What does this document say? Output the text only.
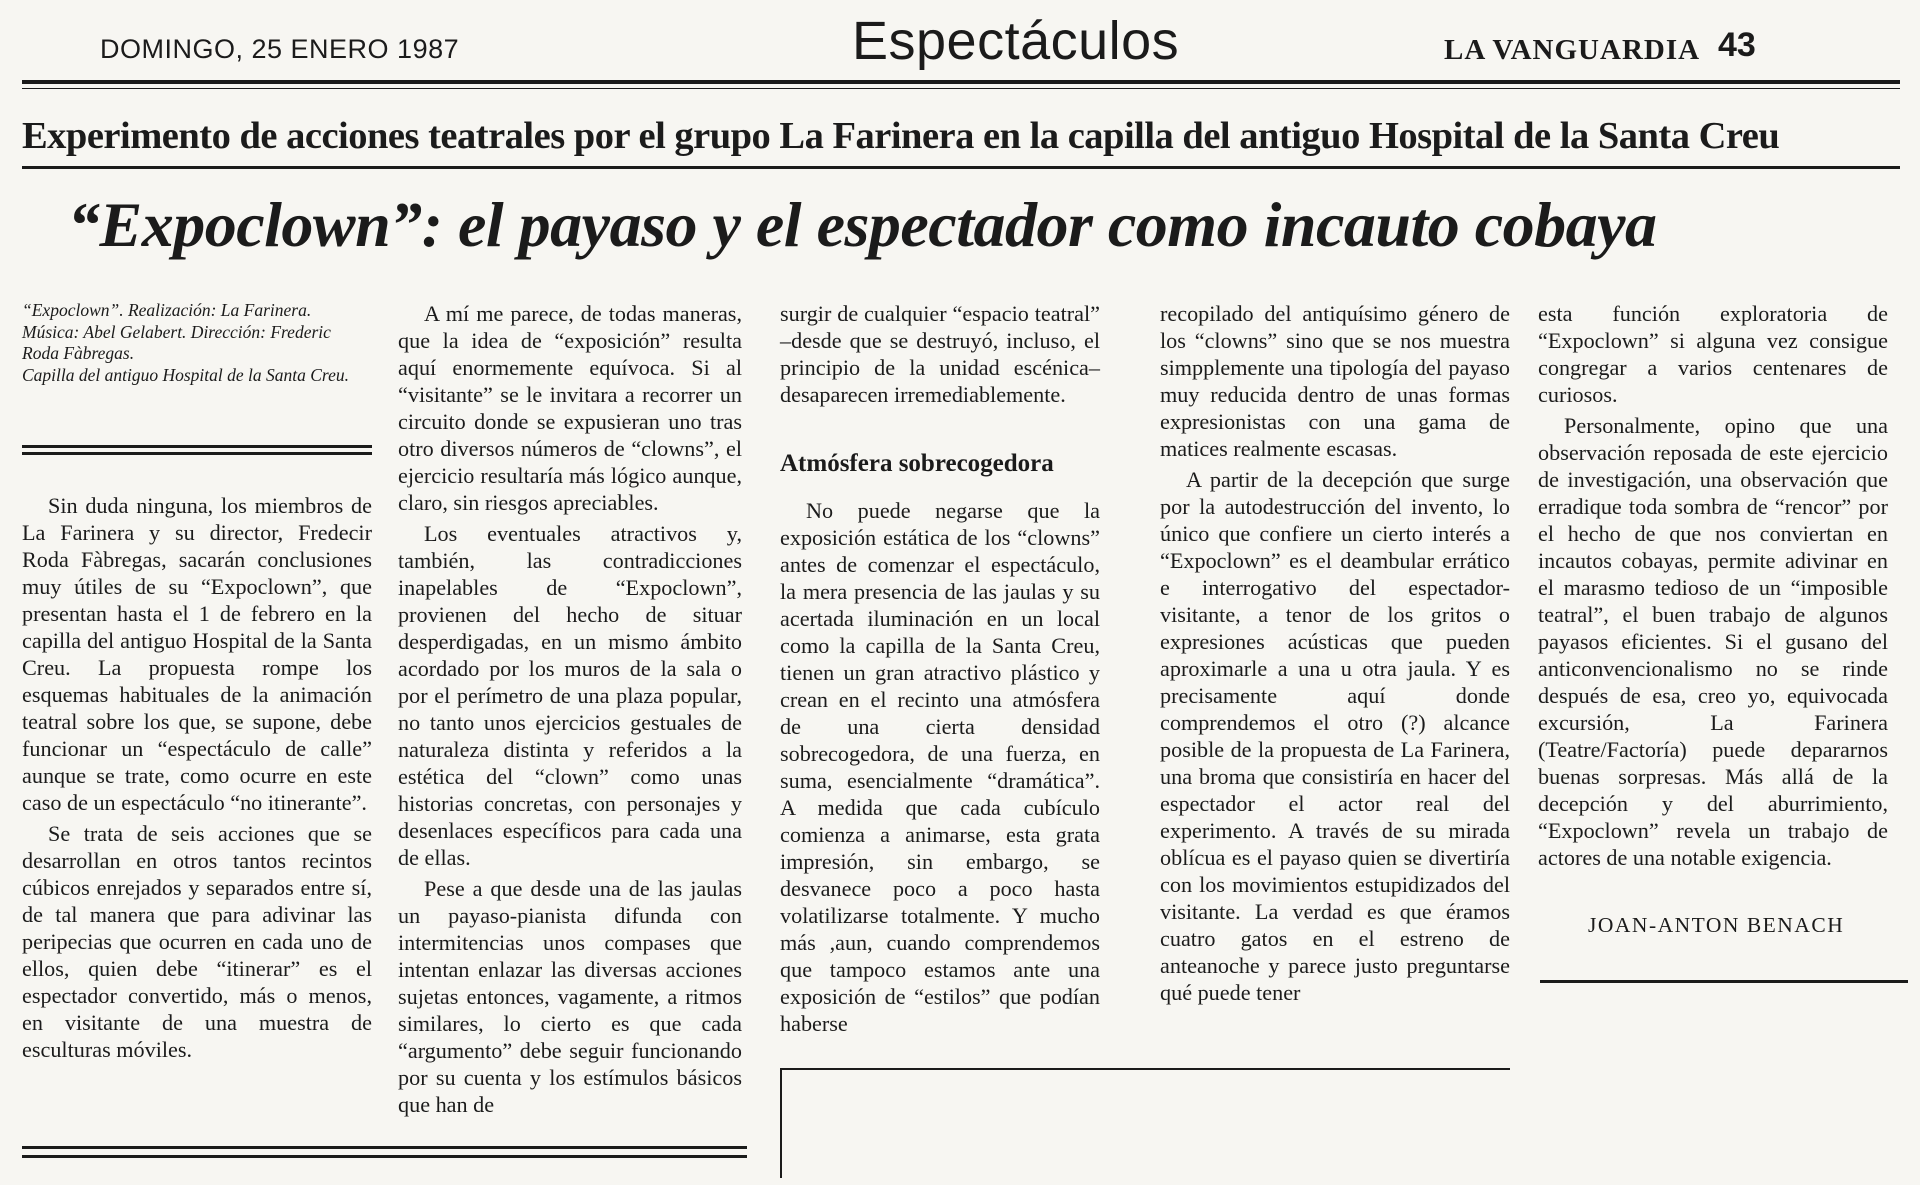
DOMINGO, 25 ENERO 1987	Espectáculos	LA VANGUARDIA 43
Experimento de acciones teatrales por el grupo La Farinera en la capilla del antiguo Hospital de la Santa Creu
“Expoclown”: el payaso y el espectador como incauto cobaya
“Expoclown”. Realización: La Farinera.
Música: Abel Gelabert. Dirección: Frederic Roda Fàbregas.
Capilla del antiguo Hospital de la Santa Creu.

Sin duda ninguna, los miembros de La Farinera y su director, Fredecir Roda Fàbregas, sacarán conclusiones muy útiles de su “Expoclown”, que presentan hasta el 1 de febrero en la capilla del antiguo Hospital de la Santa Creu. La propuesta rompe los esquemas habituales de la animación teatral sobre los que, se supone, debe funcionar un “espectáculo de calle” aunque se trate, como ocurre en este caso de un espectáculo “no itinerante”.

Se trata de seis acciones que se desarrollan en otros tantos recintos cúbicos enrejados y separados entre sí, de tal manera que para adivinar las peripecias que ocurren en cada uno de ellos, quien debe “itinerar” es el espectador convertido, más o menos, en visitante de una muestra de esculturas móviles.

A mí me parece, de todas maneras, que la idea de “exposición” resulta aquí enormemente equívoca. Si al “visitante” se le invitara a recorrer un circuito donde se expusieran uno tras otro diversos números de “clowns”, el ejercicio resultaría más lógico aunque, claro, sin riesgos apreciables.

Los eventuales atractivos y, también, las contradicciones inapelables de “Expoclown”, provienen del hecho de situar desperdigadas, en un mismo ámbito acordado por los muros de la sala o por el perímetro de una plaza popular, no tanto unos ejercicios gestuales de naturaleza distinta y referidos a la estética del “clown” como unas historias concretas, con personajes y desenlaces específicos para cada una de ellas.

Pese a que desde una de las jaulas un payaso-pianista difunda con intermitencias unos compases que intentan enlazar las diversas acciones sujetas entonces, vagamente, a ritmos similares, lo cierto es que cada “argumento” debe seguir funcionando por su cuenta y los estímulos básicos que han de

surgir de cualquier “espacio teatral” –desde que se destruyó, incluso, el principio de la unidad escénica– desaparecen irremediablemente.

Atmósfera sobrecogedora

No puede negarse que la exposición estática de los “clowns” antes de comenzar el espectáculo, la mera presencia de las jaulas y su acertada iluminación en un local como la capilla de la Santa Creu, tienen un gran atractivo plástico y crean en el recinto una atmósfera de una cierta densidad sobrecogedora, de una fuerza, en suma, esencialmente “dramática”. A medida que cada cubículo comienza a animarse, esta grata impresión, sin embargo, se desvanece poco a poco hasta volatilizarse totalmente. Y mucho más ,aun, cuando comprendemos que tampoco estamos ante una exposición de “estilos” que podían haberse

recopilado del antiquísimo género de los “clowns” sino que se nos muestra simpplemente una tipología del payaso muy reducida dentro de unas formas expresionistas con una gama de matices realmente escasas.

A partir de la decepción que surge por la autodestrucción del invento, lo único que confiere un cierto interés a “Expoclown” es el deambular errático e interrogativo del espectador-visitante, a tenor de los gritos o expresiones acústicas que pueden aproximarle a una u otra jaula. Y es precisamente aquí donde comprendemos el otro (?) alcance posible de la propuesta de La Farinera, una broma que consistiría en hacer del espectador el actor real del experimento. A través de su mirada oblícua es el payaso quien se divertiría con los movimientos estupidizados del visitante. La verdad es que éramos cuatro gatos en el estreno de anteanoche y parece justo preguntarse qué puede tener

esta función exploratoria de “Expoclown” si alguna vez consigue congregar a varios centenares de curiosos.

Personalmente, opino que una observación reposada de este ejercicio de investigación, una observación que erradique toda sombra de “rencor” por el hecho de que nos conviertan en incautos cobayas, permite adivinar en el marasmo tedioso de un “imposible teatral”, el buen trabajo de algunos payasos eficientes. Si el gusano del anticonvencionalismo no se rinde después de esa, creo yo, equivocada excursión, La Farinera (Teatre/Factoría) puede depararnos buenas sorpresas. Más allá de la decepción y del aburrimiento, “Expoclown” revela un trabajo de actores de una notable exigencia.

JOAN-ANTON BENACH
